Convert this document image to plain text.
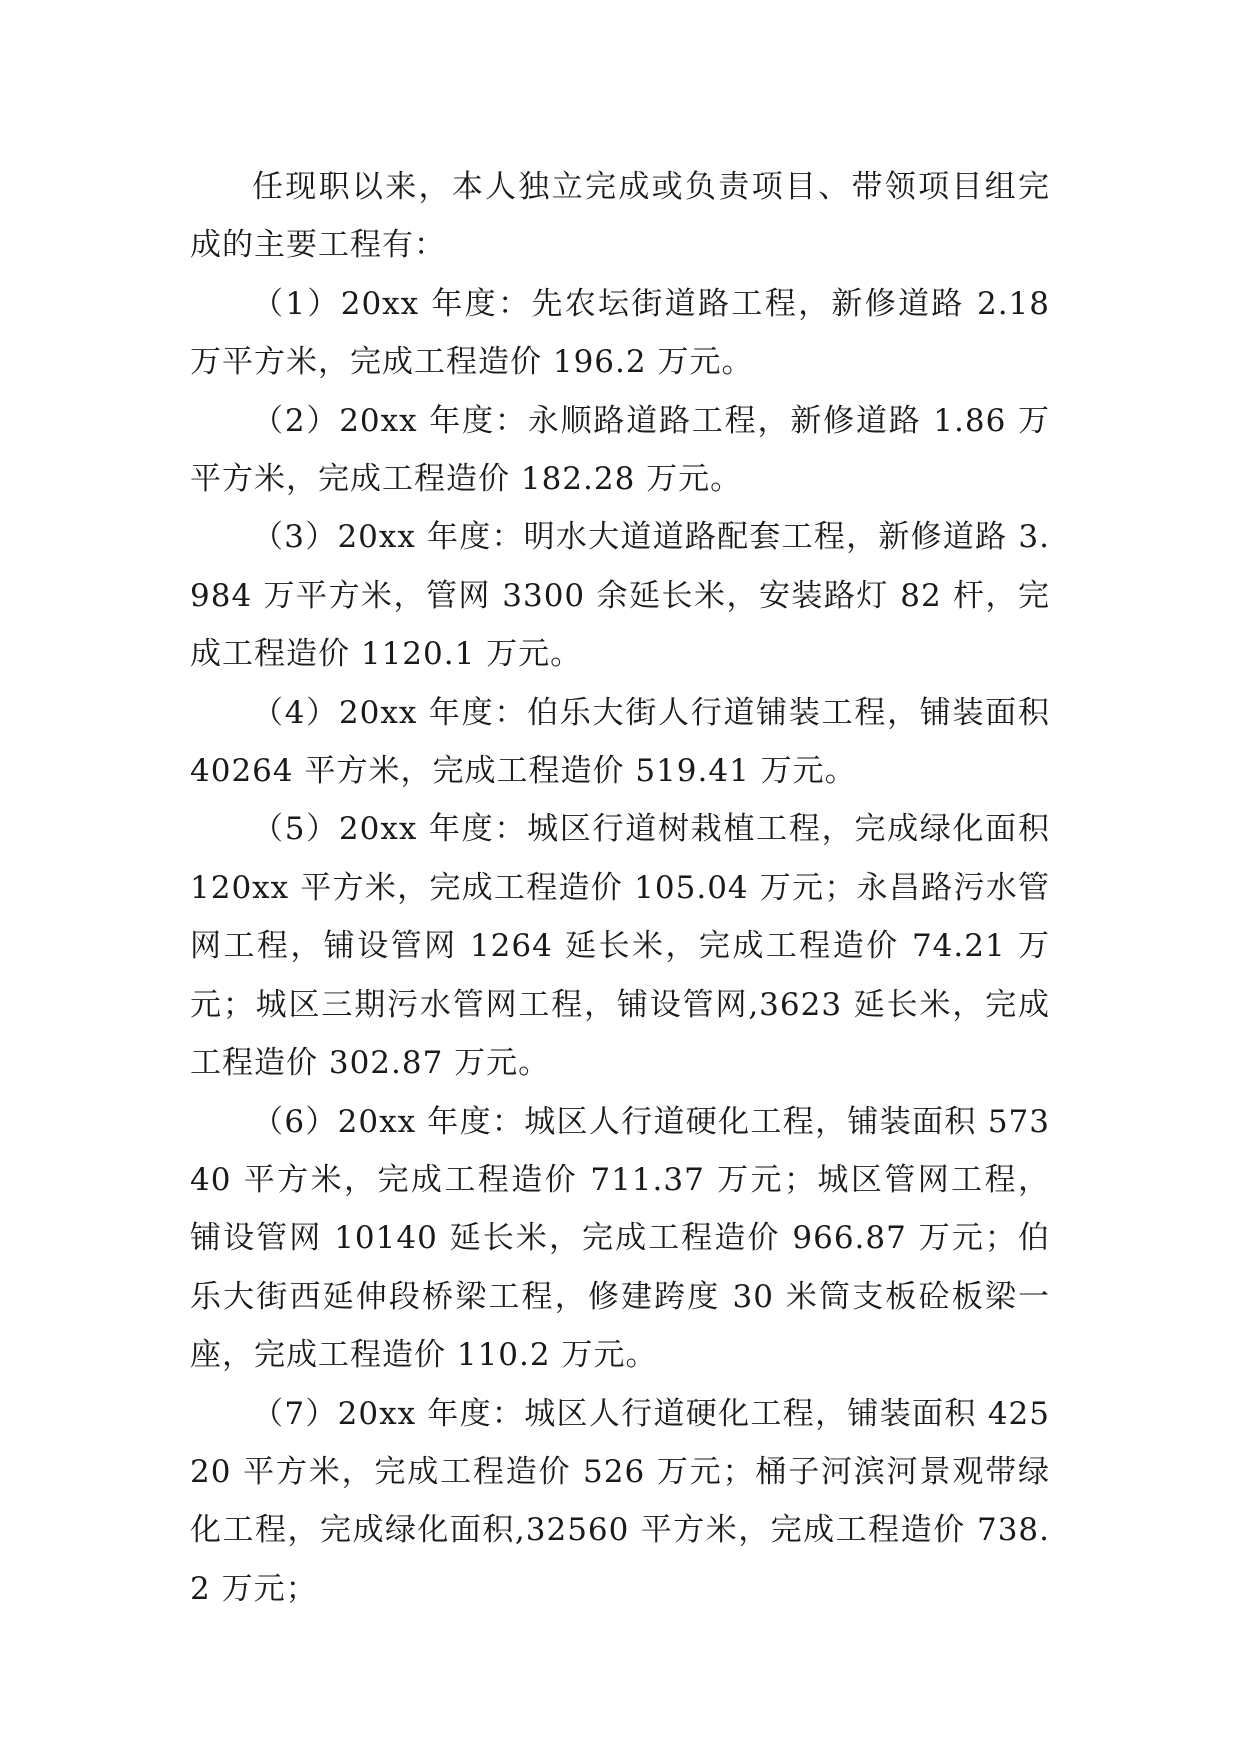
任现职以来，本人独立完成或负责项目、带领项目组完成的主要工程有：

（1）20xx 年度：先农坛街道路工程，新修道路 2.18 万平方米，完成工程造价 196.2 万元。

（2）20xx 年度：永顺路道路工程，新修道路 1.86 万平方米，完成工程造价 182.28 万元。

（3）20xx 年度：明水大道道路配套工程，新修道路 3.984 万平方米，管网 3300 余延长米，安装路灯 82 杆，完成工程造价 1120.1 万元。

（4）20xx 年度：伯乐大街人行道铺装工程，铺装面积 40264 平方米，完成工程造价 519.41 万元。

（5）20xx 年度：城区行道树栽植工程，完成绿化面积 120xx 平方米，完成工程造价 105.04 万元；永昌路污水管网工程，铺设管网 1264 延长米，完成工程造价 74.21 万元；城区三期污水管网工程，铺设管网,3623 延长米，完成工程造价 302.87 万元。

（6）20xx 年度：城区人行道硬化工程，铺装面积 57340 平方米，完成工程造价 711.37 万元；城区管网工程，铺设管网 10140 延长米，完成工程造价 966.87 万元；伯乐大街西延伸段桥梁工程，修建跨度 30 米筒支板砼板梁一座，完成工程造价 110.2 万元。

（7）20xx 年度：城区人行道硬化工程，铺装面积 42520 平方米，完成工程造价 526 万元；桶子河滨河景观带绿化工程，完成绿化面积,32560 平方米，完成工程造价 738.2 万元；
